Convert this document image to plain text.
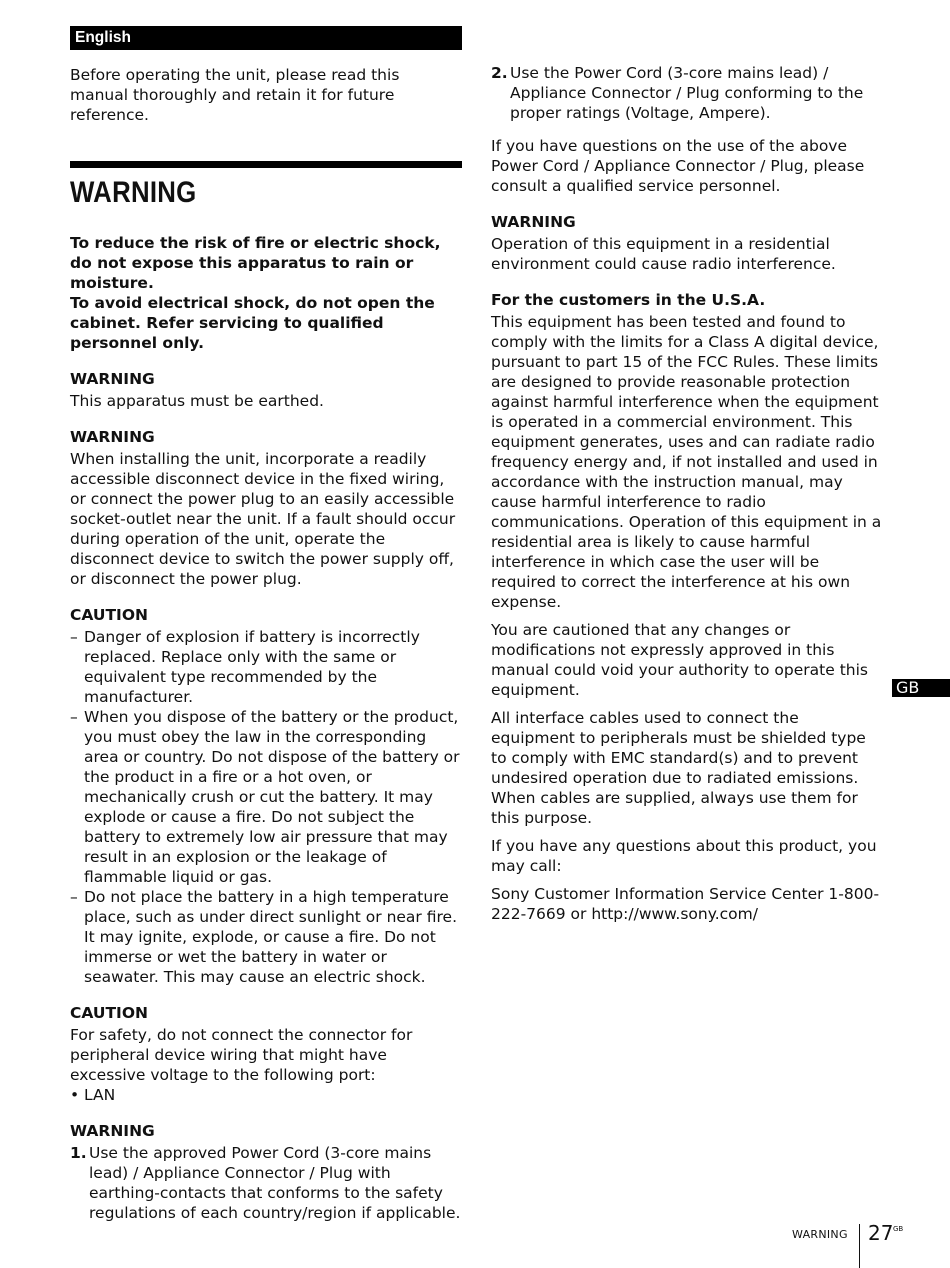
English

Before operating the unit, please read this manual thoroughly and retain it for future reference.

WARNING

To reduce the risk of fire or electric shock, do not expose this apparatus to rain or moisture.

To avoid electrical shock, do not open the cabinet. Refer servicing to qualified personnel only.

WARNING

This apparatus must be earthed.

WARNING

When installing the unit, incorporate a readily accessible disconnect device in the fixed wiring, or connect the power plug to an easily accessible socket-outlet near the unit. If a fault should occur during operation of the unit, operate the disconnect device to switch the power supply off, or disconnect the power plug.

CAUTION
– Danger of explosion if battery is incorrectly replaced. Replace only with the same or equivalent type recommended by the manufacturer.
– When you dispose of the battery or the product, you must obey the law in the corresponding area or country. Do not dispose of the battery or the product in a fire or a hot oven, or mechanically crush or cut the battery. It may explode or cause a fire. Do not subject the battery to extremely low air pressure that may result in an explosion or the leakage of flammable liquid or gas.
– Do not place the battery in a high temperature place, such as under direct sunlight or near fire. It may ignite, explode, or cause a fire. Do not immerse or wet the battery in water or seawater. This may cause an electric shock.
CAUTION

For safety, do not connect the connector for peripheral device wiring that might have excessive voltage to the following port:

• LAN
WARNING
1. Use the approved Power Cord (3-core mains lead) / Appliance Connector / Plug with earthing-contacts that conforms to the safety regulations of each country/region if applicable.
2. Use the Power Cord (3-core mains lead) / Appliance Connector / Plug conforming to the proper ratings (Voltage, Ampere).

If you have questions on the use of the above Power Cord / Appliance Connector / Plug, please consult a qualified service personnel.

WARNING

Operation of this equipment in a residential environment could cause radio interference.

For the customers in the U.S.A.

This equipment has been tested and found to comply with the limits for a Class A digital device, pursuant to part 15 of the FCC Rules. These limits are designed to provide reasonable protection against harmful interference when the equipment is operated in a commercial environment. This equipment generates, uses and can radiate radio frequency energy and, if not installed and used in accordance with the instruction manual, may cause harmful interference to radio communications. Operation of this equipment in a residential area is likely to cause harmful interference in which case the user will be required to correct the interference at his own expense.

You are cautioned that any changes or modifications not expressly approved in this manual could void your authority to operate this equipment.

All interface cables used to connect the equipment to peripherals must be shielded type to comply with EMC standard(s) and to prevent undesired operation due to radiated emissions. When cables are supplied, always use them for this purpose.

If you have any questions about this product, you may call:

Sony Customer Information Service Center 1-800-222-7669 or http://www.sony.com/

GB
WARNING 27 GB
